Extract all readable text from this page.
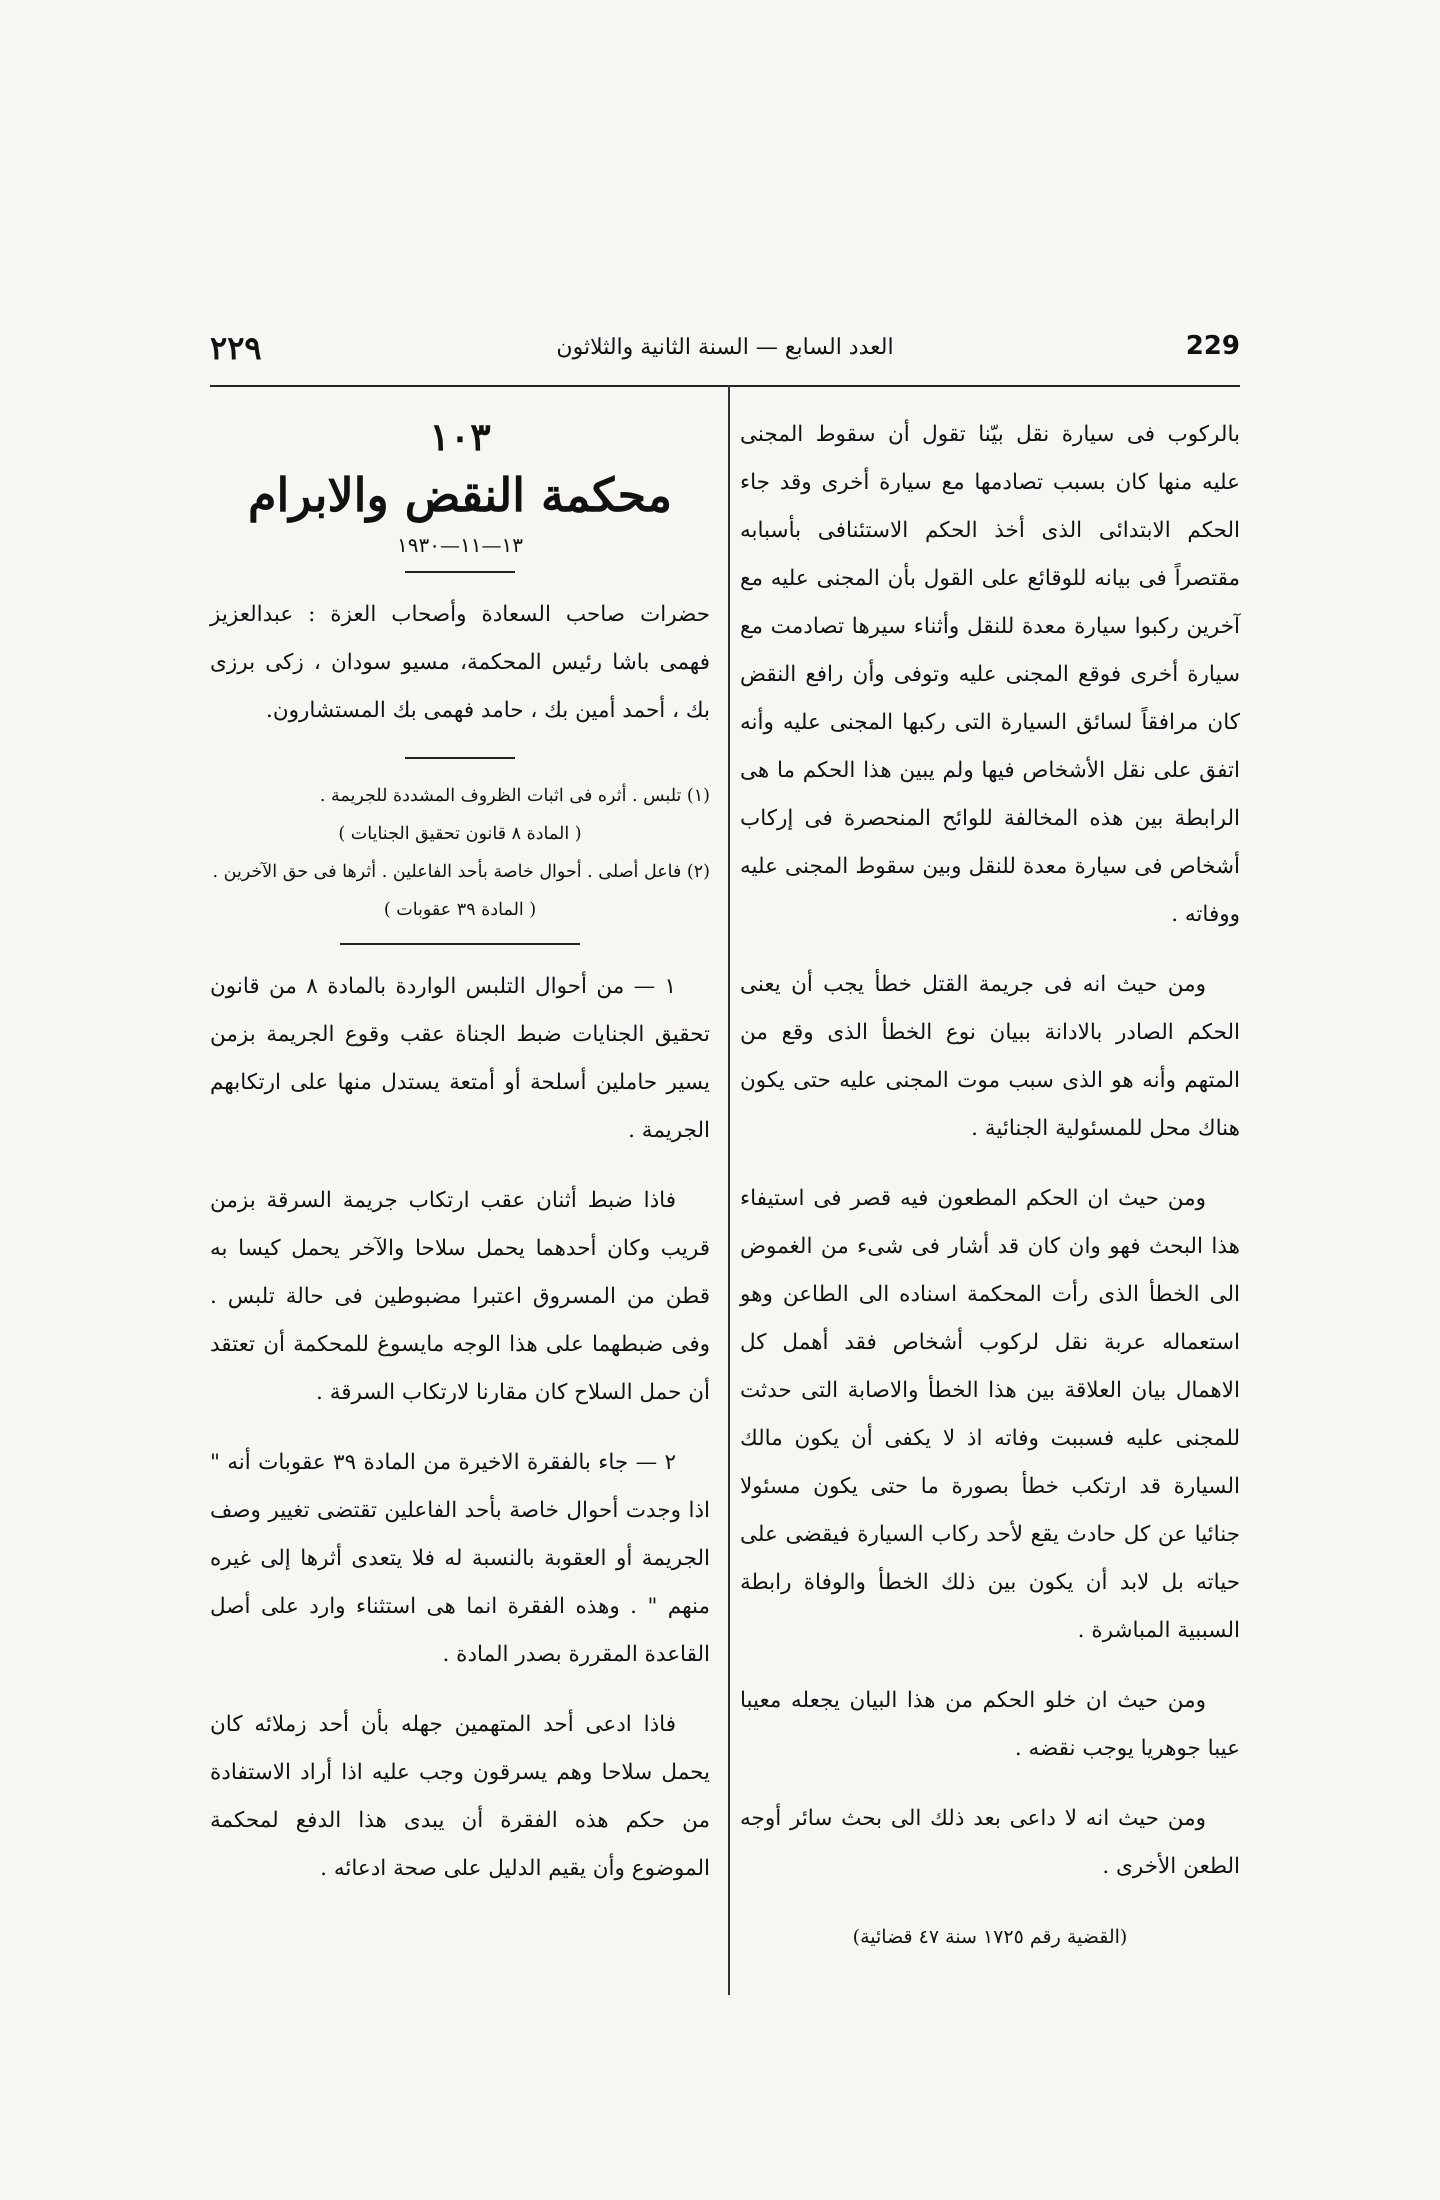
٢٢٩	العدد السابع — السنة الثانية والثلاثون	229

بالركوب فى سيارة نقل بيّنا تقول أن سقوط المجنى عليه منها كان بسبب تصادمها مع سيارة أخرى وقد جاء الحكم الابتدائى الذى أخذ الحكم الاستئنافى بأسبابه مقتصراً فى بيانه للوقائع على القول بأن المجنى عليه مع آخرين ركبوا سيارة معدة للنقل وأثناء سيرها تصادمت مع سيارة أخرى فوقع المجنى عليه وتوفى وأن رافع النقض كان مرافقاً لسائق السيارة التى ركبها المجنى عليه وأنه اتفق على نقل الأشخاص فيها ولم يبين هذا الحكم ما هى الرابطة بين هذه المخالفة للوائح المنحصرة فى إركاب أشخاص فى سيارة معدة للنقل وبين سقوط المجنى عليه ووفاته .

ومن حيث انه فى جريمة القتل خطأ يجب أن يعنى الحكم الصادر بالادانة ببيان نوع الخطأ الذى وقع من المتهم وأنه هو الذى سبب موت المجنى عليه حتى يكون هناك محل للمسئولية الجنائية .

ومن حيث ان الحكم المطعون فيه قصر فى استيفاء هذا البحث فهو وان كان قد أشار فى شىء من الغموض الى الخطأ الذى رأت المحكمة اسناده الى الطاعن وهو استعماله عربة نقل لركوب أشخاص فقد أهمل كل الاهمال بيان العلاقة بين هذا الخطأ والاصابة التى حدثت للمجنى عليه فسببت وفاته اذ لا يكفى أن يكون مالك السيارة قد ارتكب خطأ بصورة ما حتى يكون مسئولا جنائيا عن كل حادث يقع لأحد ركاب السيارة فيقضى على حياته بل لابد أن يكون بين ذلك الخطأ والوفاة رابطة السببية المباشرة .

ومن حيث ان خلو الحكم من هذا البيان يجعله معيبا عيبا جوهريا يوجب نقضه .

ومن حيث انه لا داعى بعد ذلك الى بحث سائر أوجه الطعن الأخرى .

(القضية رقم ١٧٢٥ سنة ٤٧ قضائية)
١٠٣
محكمة النقض والابرام
١٣—١١—١٩٣٠

حضرات صاحب السعادة وأصحاب العزة : عبدالعزيز فهمى باشا رئيس المحكمة، مسيو سودان ، زكى برزى بك ، أحمد أمين بك ، حامد فهمى بك المستشارون.

(١) تلبس . أثره فى اثبات الظروف المشددة للجريمة .
( المادة ٨ قانون تحقيق الجنايات )
(٢) فاعل أصلى . أحوال خاصة بأحد الفاعلين . أثرها فى حق الآخرين .
( المادة ٣٩ عقوبات )

١ — من أحوال التلبس الواردة بالمادة ٨ من قانون تحقيق الجنايات ضبط الجناة عقب وقوع الجريمة بزمن يسير حاملين أسلحة أو أمتعة يستدل منها على ارتكابهم الجريمة .

فاذا ضبط أثنان عقب ارتكاب جريمة السرقة بزمن قريب وكان أحدهما يحمل سلاحا والآخر يحمل كيسا به قطن من المسروق اعتبرا مضبوطين فى حالة تلبس . وفى ضبطهما على هذا الوجه مايسوغ للمحكمة أن تعتقد أن حمل السلاح كان مقارنا لارتكاب السرقة .

٢ — جاء بالفقرة الاخيرة من المادة ٣٩ عقوبات أنه " اذا وجدت أحوال خاصة بأحد الفاعلين تقتضى تغيير وصف الجريمة أو العقوبة بالنسبة له فلا يتعدى أثرها إلى غيره منهم " . وهذه الفقرة انما هى استثناء وارد على أصل القاعدة المقررة بصدر المادة .

فاذا ادعى أحد المتهمين جهله بأن أحد زملائه كان يحمل سلاحا وهم يسرقون وجب عليه اذا أراد الاستفادة من حكم هذه الفقرة أن يبدى هذا الدفع لمحكمة الموضوع وأن يقيم الدليل على صحة ادعائه .
